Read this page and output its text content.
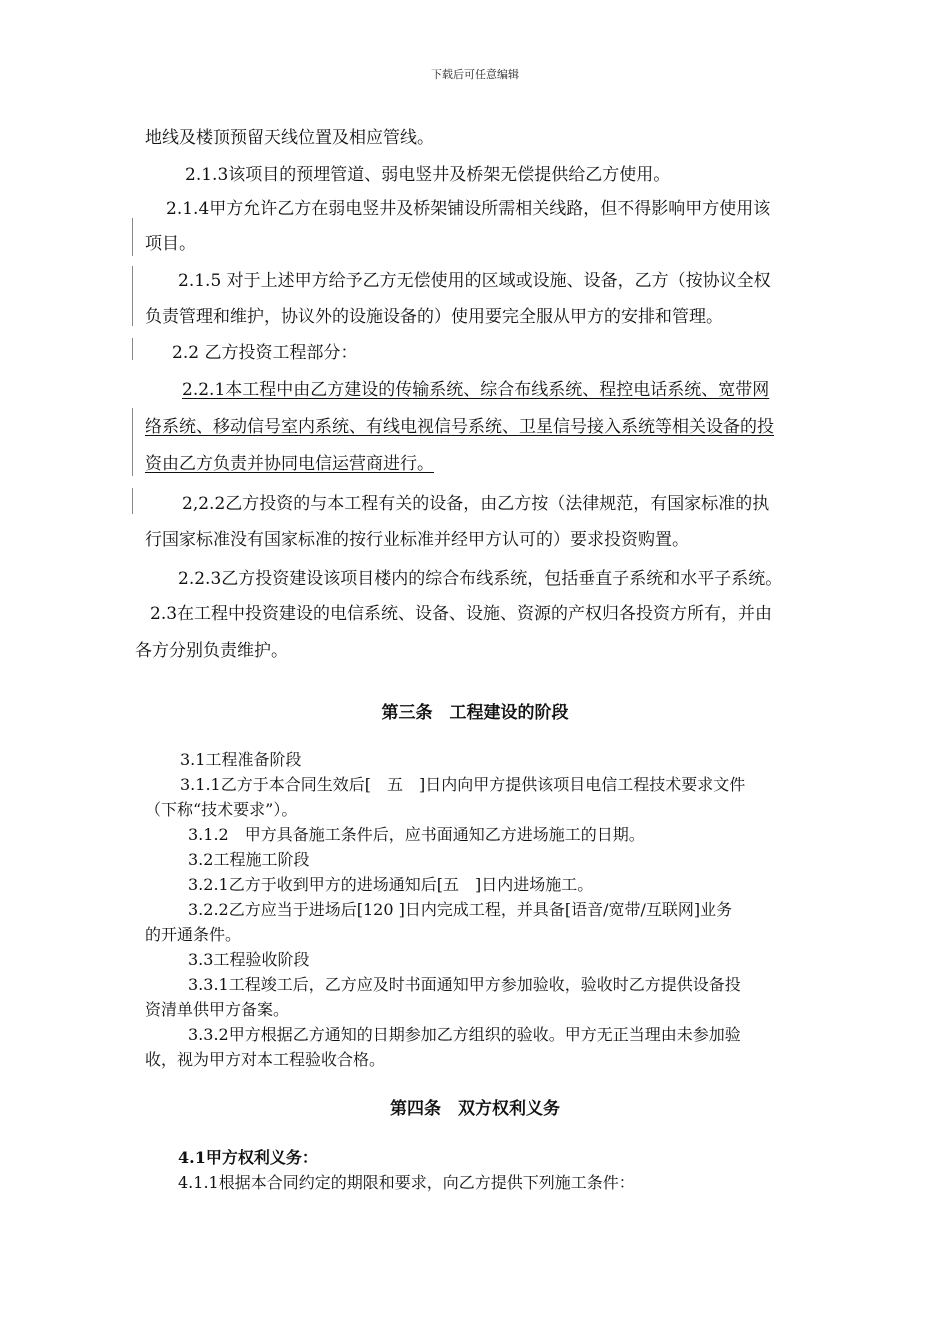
下载后可任意编辑
地线及楼顶预留天线位置及相应管线。
2.1.3该项目的预埋管道、弱电竖井及桥架无偿提供给乙方使用。
2.1.4甲方允许乙方在弱电竖井及桥架铺设所需相关线路，但不得影响甲方使用该
项目。
2.1.5 对于上述甲方给予乙方无偿使用的区域或设施、设备，乙方（按协议全权
负责管理和维护，协议外的设施设备的）使用要完全服从甲方的安排和管理。
2.2 乙方投资工程部分：
2.2.1本工程中由乙方建设的传输系统、综合布线系统、程控电话系统、宽带网
络系统、移动信号室内系统、有线电视信号系统、卫星信号接入系统等相关设备的投
资由乙方负责并协同电信运营商进行。
2,2.2乙方投资的与本工程有关的设备，由乙方按（法律规范，有国家标准的执
行国家标准没有国家标准的按行业标准并经甲方认可的）要求投资购置。
2.2.3乙方投资建设该项目楼内的综合布线系统，包括垂直子系统和水平子系统。
2.3在工程中投资建设的电信系统、设备、设施、资源的产权归各投资方所有，并由
各方分别负责维护。
第三条　工程建设的阶段
3.1工程准备阶段
3.1.1乙方于本合同生效后[　五　]日内向甲方提供该项目电信工程技术要求文件
（下称“技术要求”）。
3.1.2　甲方具备施工条件后，应书面通知乙方进场施工的日期。
3.2工程施工阶段
3.2.1乙方于收到甲方的进场通知后[五　]日内进场施工。
3.2.2乙方应当于进场后[120 ]日内完成工程，并具备[语音/宽带/互联网]业务
的开通条件。
3.3工程验收阶段
3.3.1工程竣工后，乙方应及时书面通知甲方参加验收，验收时乙方提供设备投
资清单供甲方备案。
3.3.2甲方根据乙方通知的日期参加乙方组织的验收。甲方无正当理由未参加验
收，视为甲方对本工程验收合格。
第四条　双方权利义务
4.1甲方权利义务：
4.1.1根据本合同约定的期限和要求，向乙方提供下列施工条件：
